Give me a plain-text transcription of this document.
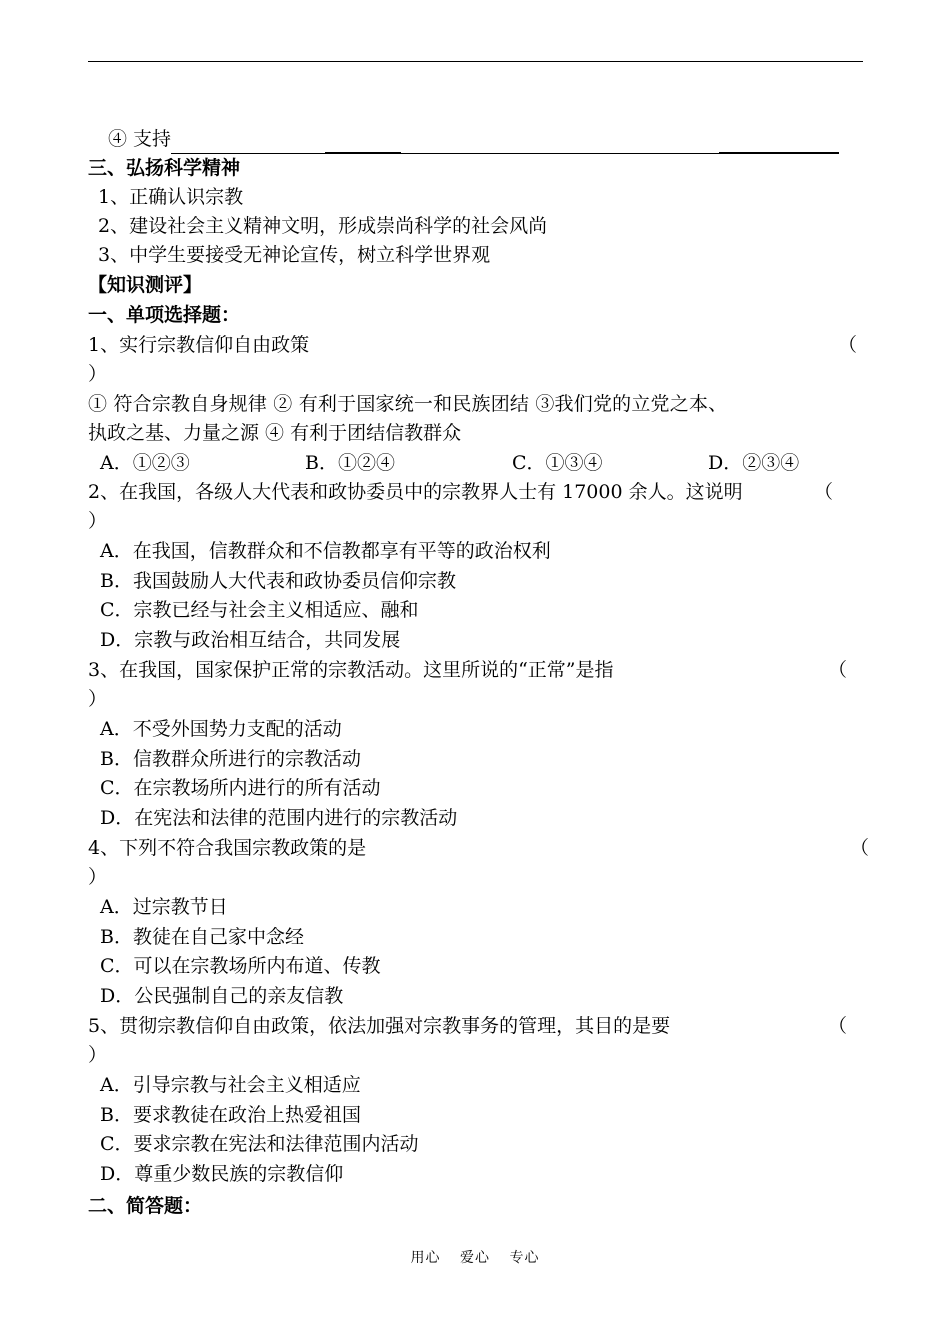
④ 支持
三、弘扬科学精神
1、正确认识宗教
2、建设社会主义精神文明，形成崇尚科学的社会风尚
3、中学生要接受无神论宣传，树立科学世界观
【知识测评】
一、单项选择题：
1、实行宗教信仰自由政策	（
）
① 符合宗教自身规律 ② 有利于国家统一和民族团结 ③我们党的立党之本、
执政之基、力量之源 ④ 有利于团结信教群众
A．①②③	B．①②④	C．①③④	D．②③④
2、在我国，各级人大代表和政协委员中的宗教界人士有 17000 余人。这说明	（
）
A．在我国，信教群众和不信教都享有平等的政治权利
B．我国鼓励人大代表和政协委员信仰宗教
C．宗教已经与社会主义相适应、融和
D．宗教与政治相互结合，共同发展
3、在我国，国家保护正常的宗教活动。这里所说的“正常”是指	（
）
A．不受外国势力支配的活动
B．信教群众所进行的宗教活动
C．在宗教场所内进行的所有活动
D．在宪法和法律的范围内进行的宗教活动
4、下列不符合我国宗教政策的是	（
）
A．过宗教节日
B．教徒在自己家中念经
C．可以在宗教场所内布道、传教
D．公民强制自己的亲友信教
5、贯彻宗教信仰自由政策，依法加强对宗教事务的管理，其目的是要	（
）
A．引导宗教与社会主义相适应
B．要求教徒在政治上热爱祖国
C．要求宗教在宪法和法律范围内活动
D．尊重少数民族的宗教信仰
二、简答题：
用心 爱心 专心
